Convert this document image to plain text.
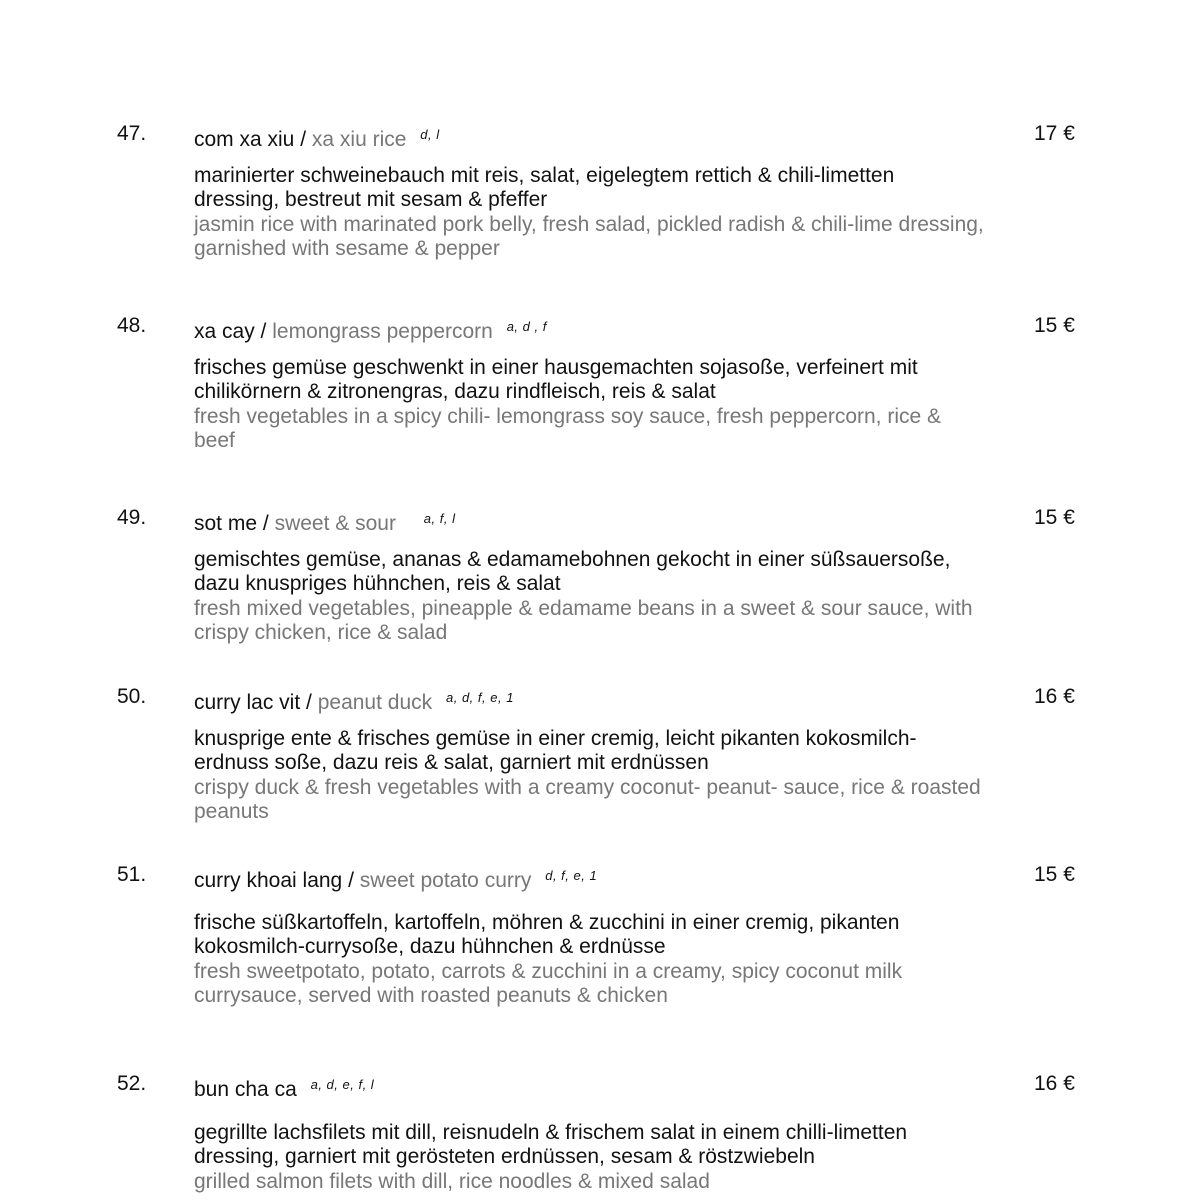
47. com xa xiu / xa xiu rice $^{d, l}$	17 €
marinierter schweinebauch mit reis, salat, eigelegtem rettich & chili-limetten dressing, bestreut mit sesam & pfeffer
jasmin rice with marinated pork belly, fresh salad, pickled radish & chili-lime dressing, garnished with sesame & pepper
48. xa cay / lemongrass peppercorn $^{a, d , f}$	15 €
frisches gemüse geschwenkt in einer hausgemachten sojasoße, verfeinert mit chilikörnern & zitronengras, dazu rindfleisch, reis & salat
fresh vegetables in a spicy chili- lemongrass soy sauce, fresh peppercorn, rice & beef
49. sot me / sweet & sour $^{a, f, l}$	15 €
gemischtes gemüse, ananas & edamamebohnen gekocht in einer süßsauersoße, dazu knuspriges hühnchen, reis & salat
fresh mixed vegetables, pineapple & edamame beans in a sweet & sour sauce, with crispy chicken, rice & salad
50. curry lac vit / peanut duck $^{a, d, f, e, 1}$	16 €
knusprige ente & frisches gemüse in einer cremig, leicht pikanten kokosmilch-erdnuss soße, dazu reis & salat, garniert mit erdnüssen
crispy duck & fresh vegetables with a creamy coconut- peanut- sauce, rice & roasted peanuts
51. curry khoai lang / sweet potato curry $^{d, f, e, 1}$	15 €
frische süßkartoffeln, kartoffeln, möhren & zucchini in einer cremig, pikanten kokosmilch-currysoße, dazu hühnchen & erdnüsse
fresh sweetpotato, potato, carrots & zucchini in a creamy, spicy coconut milk currysauce, served with roasted peanuts & chicken
52. bun cha ca $^{a, d, e, f, l}$	16 €
gegrillte lachsfilets mit dill, reisnudeln & frischem salat in einem chilli-limetten dressing, garniert mit gerösteten erdnüssen, sesam & röstzwiebeln
grilled salmon filets with dill, rice noodles & mixed salad
